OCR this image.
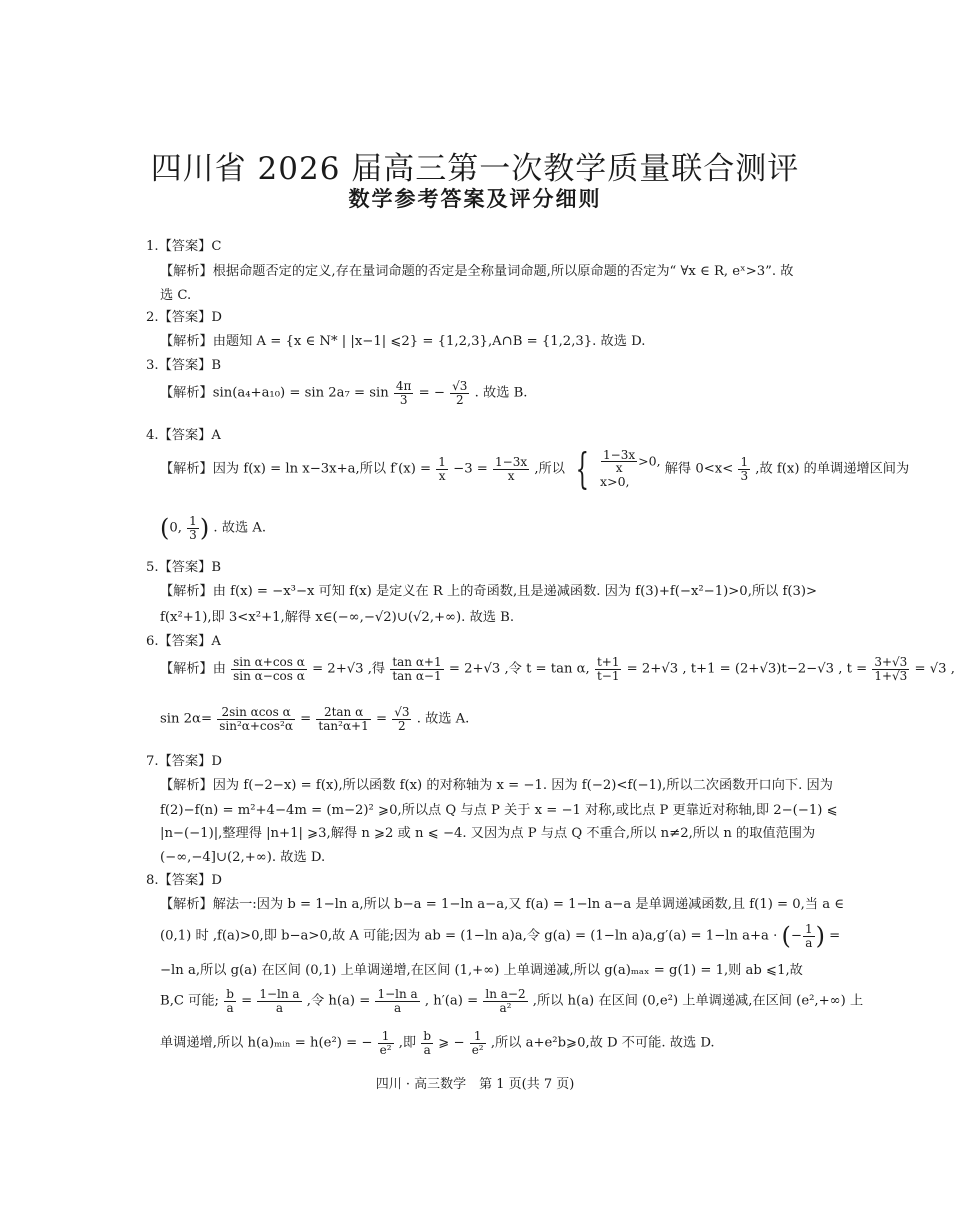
四川省 2026 届高三第一次教学质量联合测评
数学参考答案及评分细则
1.【答案】C
【解析】根据命题否定的定义,存在量词命题的否定是全称量词命题,所以原命题的否定为“ ∀x ∈ R, eˣ>3”. 故
选 C.
2.【答案】D
【解析】由题知 A = {x ∈ N* | |x−1| ⩽2} = {1,2,3},A∩B = {1,2,3}. 故选 D.
3.【答案】B
【解析】$\sin(a_4+a_{10}) = \sin 2a_7 = \sin \frac{4\pi}{3}$ = − $\frac{√3}{2}$ . 故选 B.
4.【答案】A
【解析】因为 f(x) = ln x−3x+a,所以 $f'(x) = \frac{1}{x} -3 = \frac{1-3x}{x}$ ,所以 { $\frac{1-3x}{x} >0$,
x>0, 解得 $0<x< \frac{1}{3}$ ,故 f(x) 的单调递增区间为
(0, $\frac{1}{3}$ ) . 故选 A.
5.【答案】B
【解析】由 f(x) = −x³−x 可知 f(x) 是定义在 R 上的奇函数,且是递减函数. 因为 f(3)+f(−x²−1)>0,所以 f(3)>
f(x²+1),即 3<x²+1,解得 x∈(−∞,−√2)∪(√2,+∞). 故选 B.
6.【答案】A
【解析】由 $\frac{\text{sin α+cos α}}{\text{sin α−cos α}} = 2+√3$ ,得 $\frac{\text{tan α+1}}{\text{tan α−1}} = 2+√3$ ,令 t = tan α, $\frac{t+1}{t-1} = 2+√3$ , t+1 = (2+√3)t−2−√3 , $t = \frac{3+√3}{1+√3} = √3$ ,
$\sin 2\alpha= \frac{\text{2sin αcos α}}{\text{sin²α+cos²α}} = \frac{\text{2tan α}}{\text{tan²α+1}} = \frac{√3}{2}$ . 故选 A.
7.【答案】D
【解析】因为 f(−2−x) = f(x),所以函数 f(x) 的对称轴为 x = −1. 因为 f(−2)<f(−1),所以二次函数开口向下. 因为
f(2)−f(n) = m²+4−4m = (m−2)² ⩾0,所以点 Q 与点 P 关于 x = −1 对称,或比点 P 更靠近对称轴,即 2−(−1) ⩽
|n−(−1)|,整理得 |n+1| ⩾3,解得 n ⩾2 或 n ⩽ −4. 又因为点 P 与点 Q 不重合,所以 n≠2,所以 n 的取值范围为
(−∞,−4]∪(2,+∞). 故选 D.
8.【答案】D
【解析】解法一:因为 b = 1−ln a,所以 b−a = 1−ln a−a,又 f(a) = 1−ln a−a 是单调递减函数,且 f(1) = 0,当 a ∈
(0,1) 时 ,f(a)>0,即 b−a>0,故 A 可能;因为 ab = (1−ln a)a,令 g(a) = (1−ln a)a,g′(a) = 1−ln a+a · (− $\frac{1}{a}$ ) =
−ln a,所以 g(a) 在区间 (0,1) 上单调递增,在区间 (1,+∞) 上单调递减,所以 g(a)ₘₐₓ = g(1) = 1,则 ab ⩽1,故
B,C 可能; $\frac{b}{a} = \frac{\text{1−ln a}}{a}$ ,令 $h(a) = \frac{\text{1−ln a}}{a}$ , $h'(a) = \frac{\text{ln a−2}}{\text{a²}}$ ,所以 h(a) 在区间 (0,e²) 上单调递减,在区间 (e²,+∞) 上
单调递增,所以 h(a)ₘᵢₙ = h(e²) = − $\frac{1}{\text{e²}}$ ,即 $\frac{b}{a}$ ⩾ − $\frac{1}{\text{e²}}$ ,所以 a+e²b⩾0,故 D 不可能. 故选 D.
四川 · 高三数学　第 1 页(共 7 页)
